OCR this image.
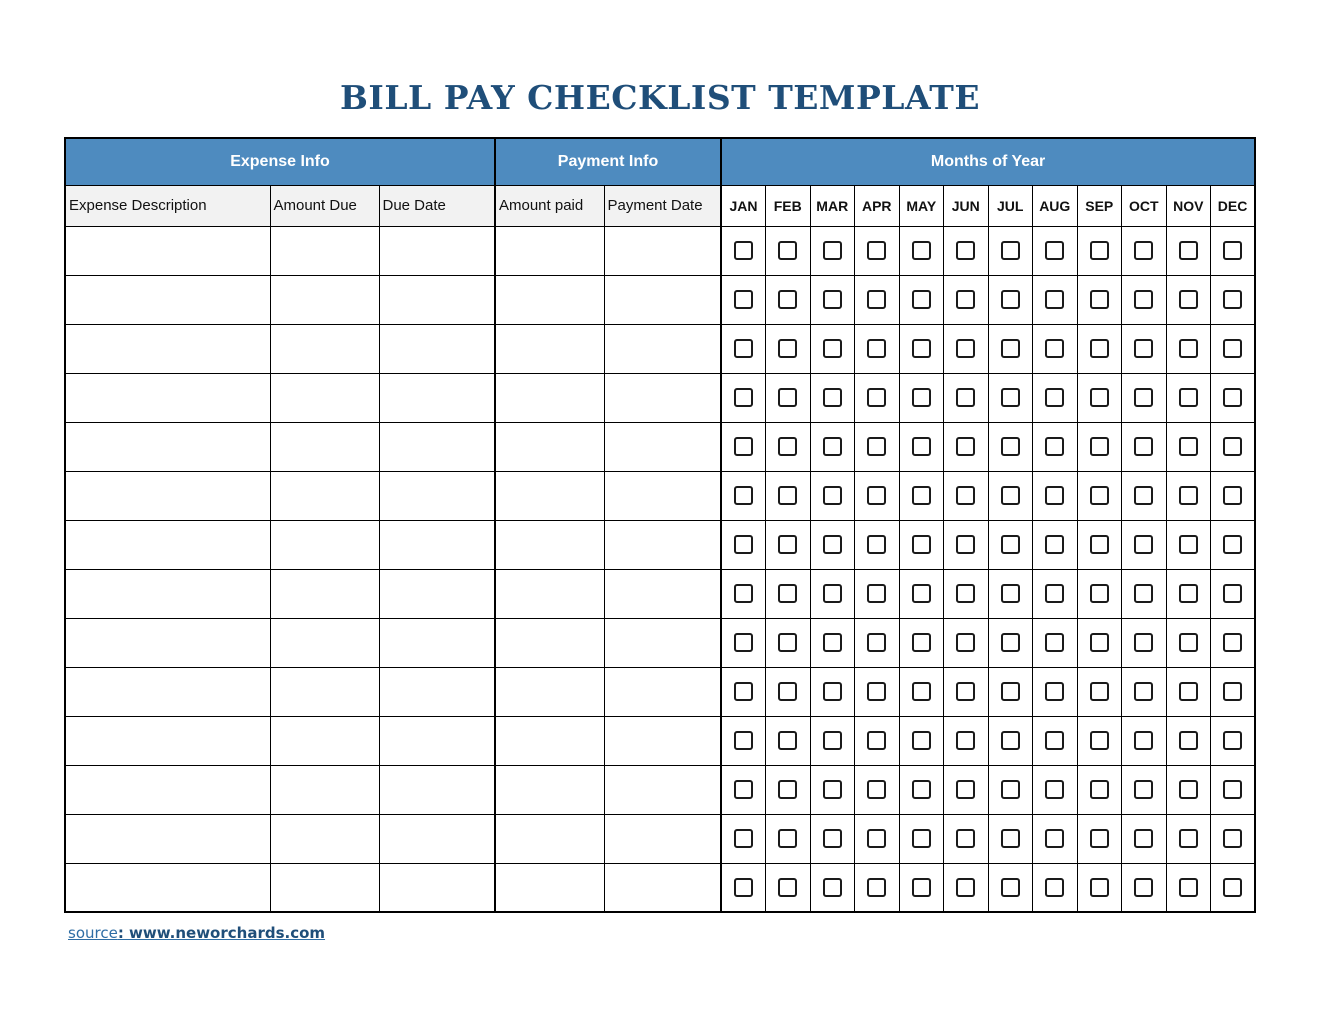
BILL PAY CHECKLIST TEMPLATE
Expense Info			Payment Info		Months of Year											
Expense Description	Amount Due	Due Date	Amount paid	Payment Date	JAN	FEB	MAR	APR	MAY	JUN	JUL	AUG	SEP	OCT	NOV	DEC

source: www.neworchards.com
